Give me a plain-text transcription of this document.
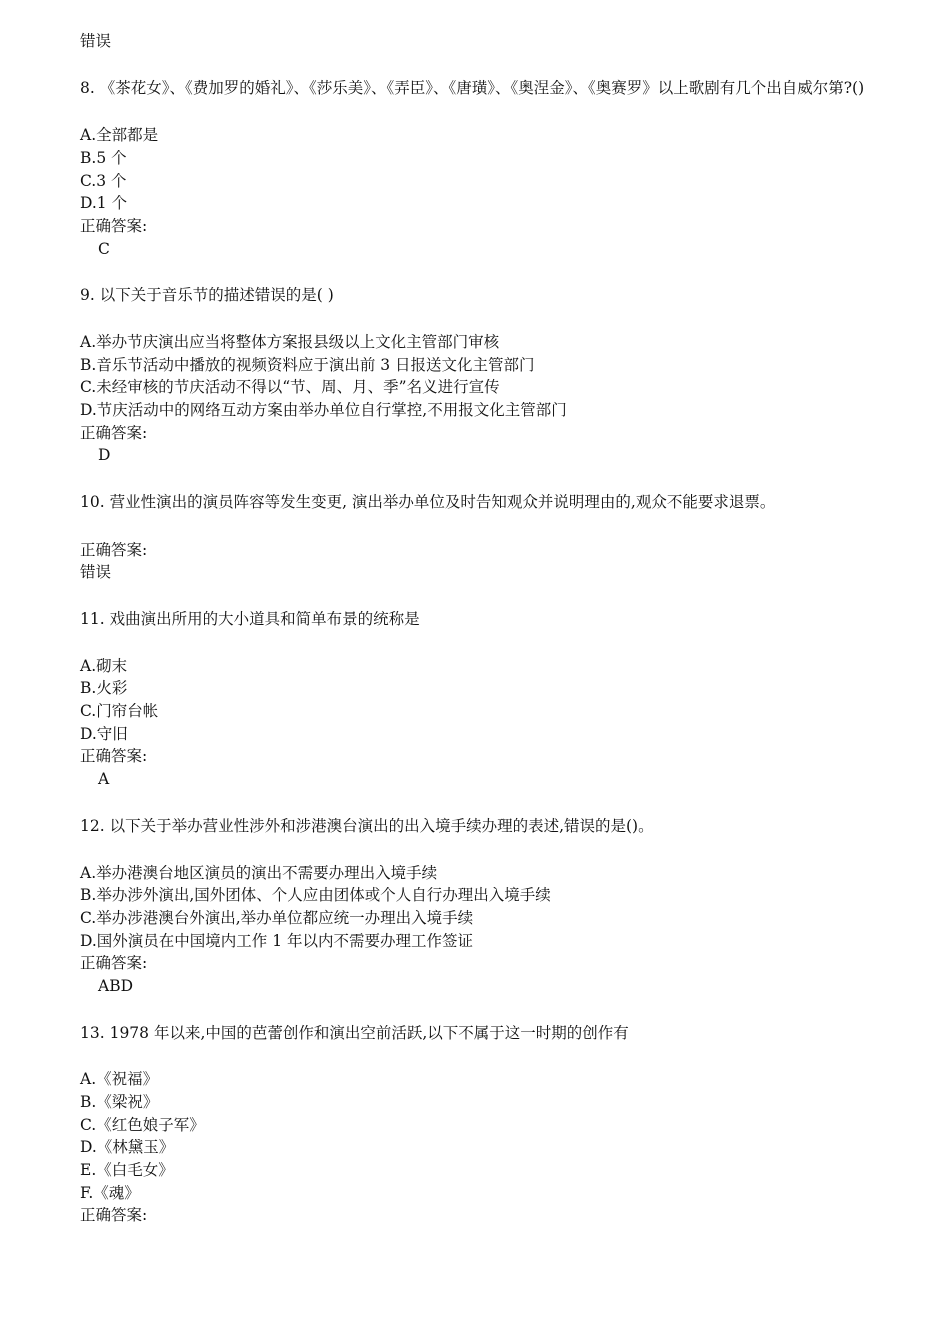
错误
8. 《茶花女》、《费加罗的婚礼》、《莎乐美》、《弄臣》、《唐璜》、《奥涅金》、《奥赛罗》以上歌剧有几个出自威尔第?()
A.全部都是
B.5 个
C.3 个
D.1 个
正确答案:
C
9. 以下关于音乐节的描述错误的是( )
A.举办节庆演出应当将整体方案报县级以上文化主管部门审核
B.音乐节活动中播放的视频资料应于演出前 3 日报送文化主管部门
C.未经审核的节庆活动不得以“节、周、月、季”名义进行宣传
D.节庆活动中的网络互动方案由举办单位自行掌控,不用报文化主管部门
正确答案:
D
10. 营业性演出的演员阵容等发生变更, 演出举办单位及时告知观众并说明理由的,观众不能要求退票。
正确答案:
错误
11. 戏曲演出所用的大小道具和简单布景的统称是
A.砌末
B.火彩
C.门帘台帐
D.守旧
正确答案:
A
12. 以下关于举办营业性涉外和涉港澳台演出的出入境手续办理的表述,错误的是()。
A.举办港澳台地区演员的演出不需要办理出入境手续
B.举办涉外演出,国外团体、个人应由团体或个人自行办理出入境手续
C.举办涉港澳台外演出,举办单位都应统一办理出入境手续
D.国外演员在中国境内工作 1 年以内不需要办理工作签证
正确答案:
ABD
13. 1978 年以来,中国的芭蕾创作和演出空前活跃,以下不属于这一时期的创作有
A.《祝福》
B.《梁祝》
C.《红色娘子军》
D.《林黛玉》
E.《白毛女》
F.《魂》
正确答案:
